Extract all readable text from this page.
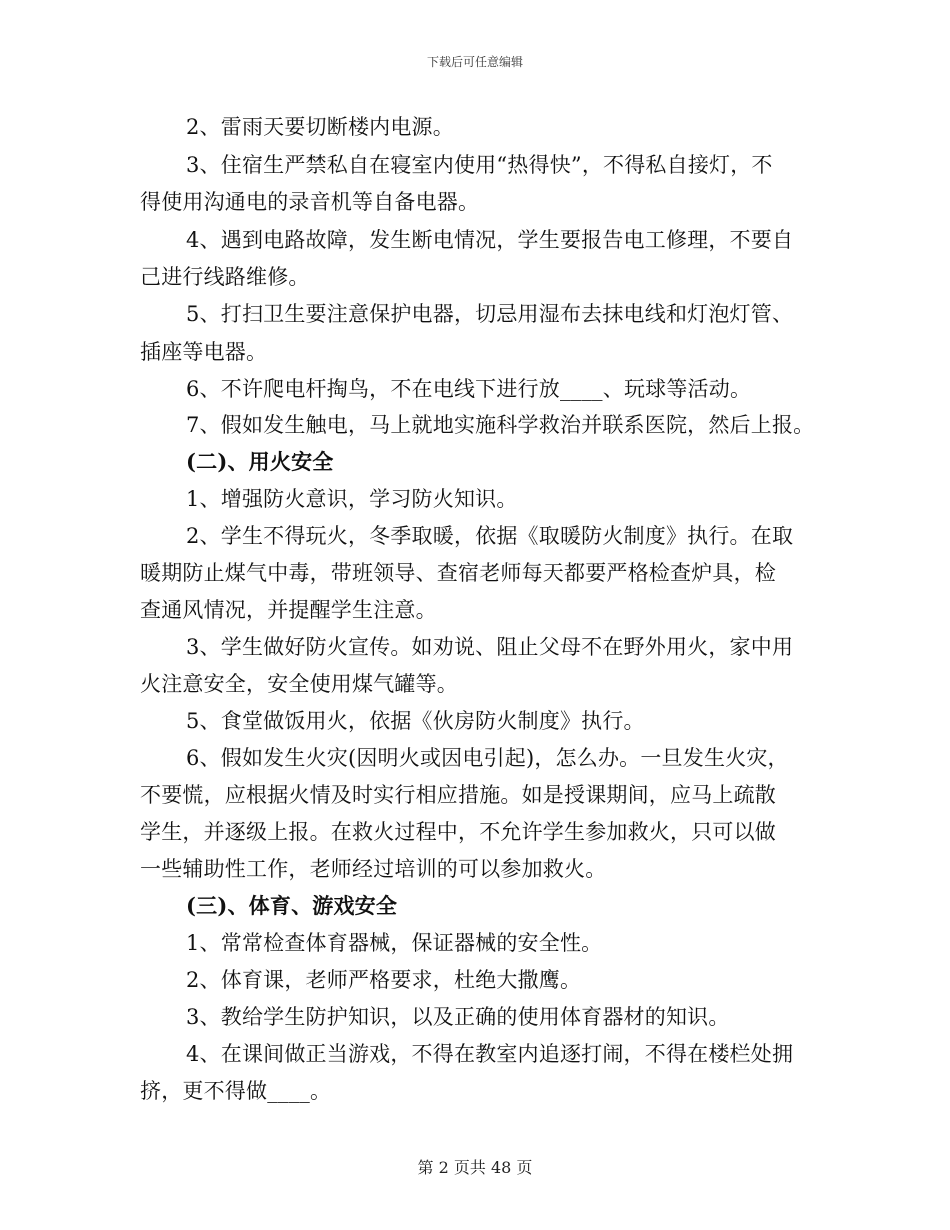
下载后可任意编辑
2、雷雨天要切断楼内电源。
3、住宿生严禁私自在寝室内使用“热得快”，不得私自接灯，不
得使用沟通电的录音机等自备电器。
4、遇到电路故障，发生断电情况，学生要报告电工修理，不要自
己进行线路维修。
5、打扫卫生要注意保护电器，切忌用湿布去抹电线和灯泡灯管、
插座等电器。
6、不许爬电杆掏鸟，不在电线下进行放____、玩球等活动。
7、假如发生触电，马上就地实施科学救治并联系医院，然后上报。
(二)、用火安全
1、增强防火意识，学习防火知识。
2、学生不得玩火，冬季取暖，依据《取暖防火制度》执行。在取
暖期防止煤气中毒，带班领导、查宿老师每天都要严格检查炉具，检
查通风情况，并提醒学生注意。
3、学生做好防火宣传。如劝说、阻止父母不在野外用火，家中用
火注意安全，安全使用煤气罐等。
5、食堂做饭用火，依据《伙房防火制度》执行。
6、假如发生火灾(因明火或因电引起)，怎么办。一旦发生火灾，
不要慌，应根据火情及时实行相应措施。如是授课期间，应马上疏散
学生，并逐级上报。在救火过程中，不允许学生参加救火，只可以做
一些辅助性工作，老师经过培训的可以参加救火。
(三)、体育、游戏安全
1、常常检查体育器械，保证器械的安全性。
2、体育课，老师严格要求，杜绝大撒鹰。
3、教给学生防护知识，以及正确的使用体育器材的知识。
4、在课间做正当游戏，不得在教室内追逐打闹，不得在楼栏处拥
挤，更不得做____。
第 2 页共 48 页
